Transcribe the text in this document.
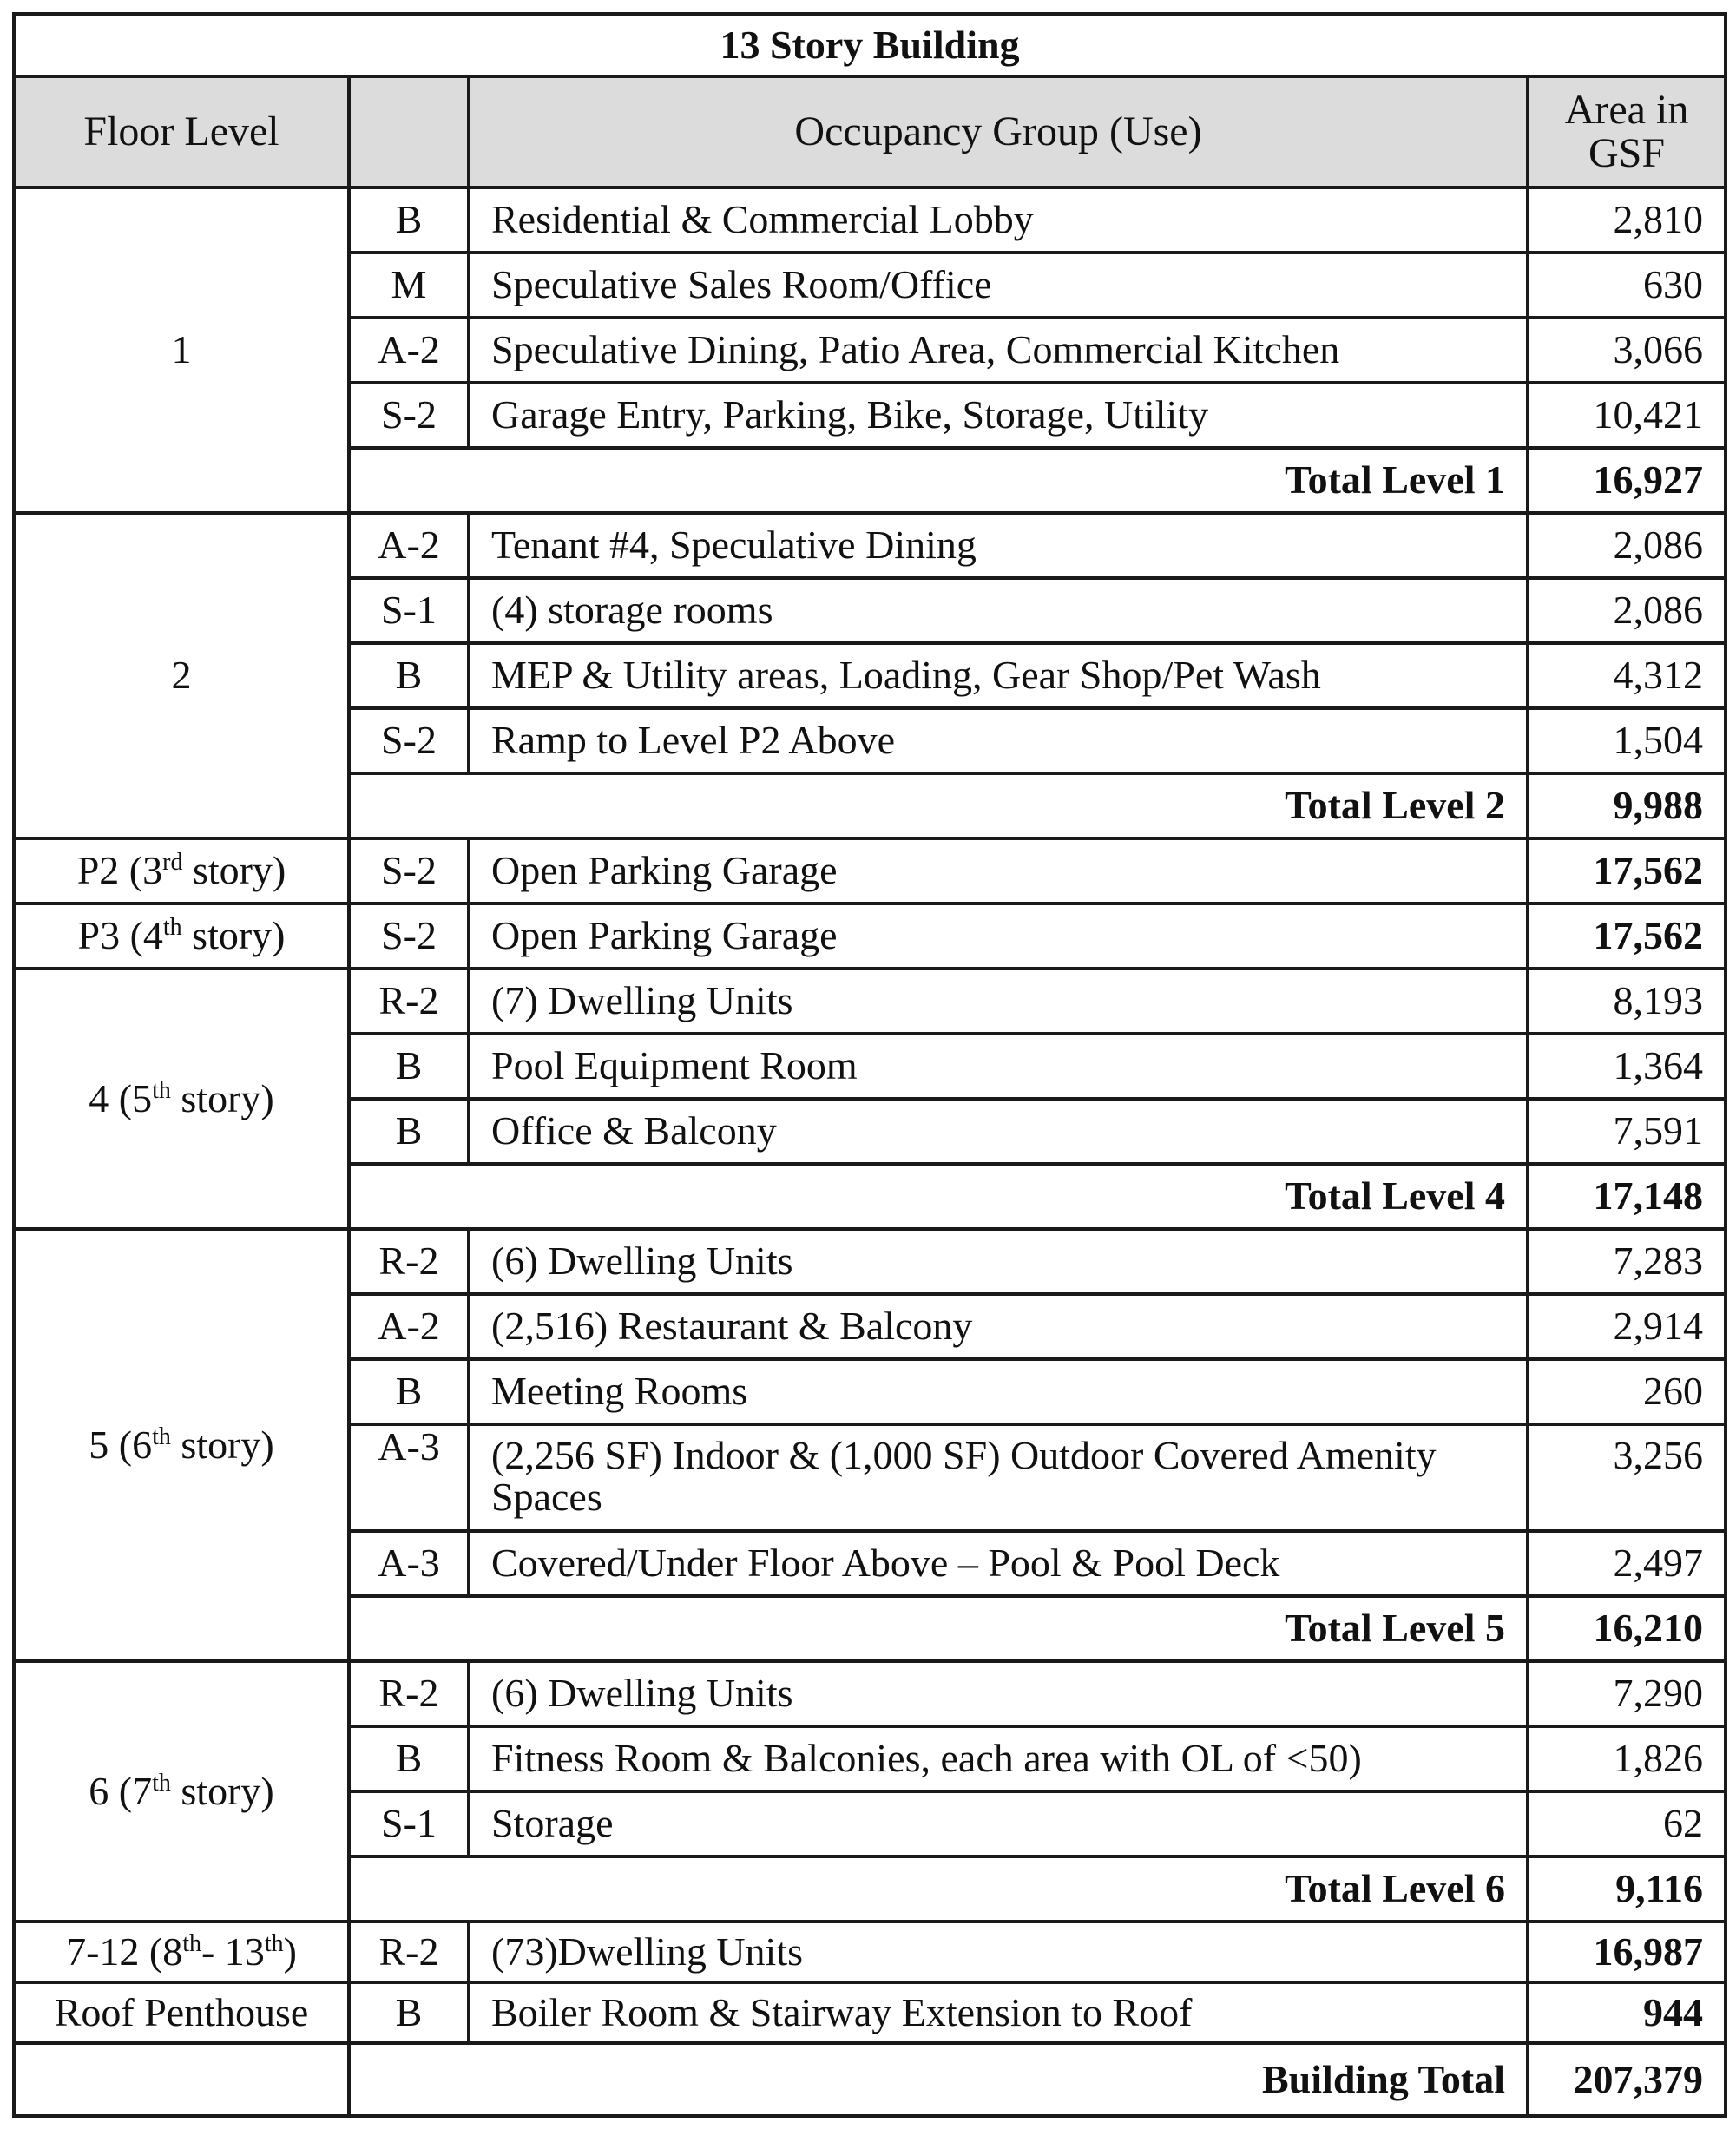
13 Story Building			
Floor Level		Occupancy Group (Use)	Area in
GSF
1	B	Residential & Commercial Lobby	2,810
	M	Speculative Sales Room/Office	630
	A-2	Speculative Dining, Patio Area, Commercial Kitchen	3,066
	S-2	Garage Entry, Parking, Bike, Storage, Utility	10,421
	Total Level 1		16,927
2	A-2	Tenant #4, Speculative Dining	2,086
	S-1	(4) storage rooms	2,086
	B	MEP & Utility areas, Loading, Gear Shop/Pet Wash	4,312
	S-2	Ramp to Level P2 Above	1,504
	Total Level 2		9,988
P2 (3rd story)	S-2	Open Parking Garage	17,562
P3 (4th story)	S-2	Open Parking Garage	17,562
4 (5th story)	R-2	(7) Dwelling Units	8,193
	B	Pool Equipment Room	1,364
	B	Office & Balcony	7,591
	Total Level 4		17,148
5 (6th story)	R-2	(6) Dwelling Units	7,283
	A-2	(2,516) Restaurant & Balcony	2,914
	B	Meeting Rooms	260
	A-3	(2,256 SF) Indoor & (1,000 SF) Outdoor Covered Amenity Spaces	3,256
	A-3	Covered/Under Floor Above – Pool & Pool Deck	2,497
	Total Level 5		16,210
6 (7th story)	R-2	(6) Dwelling Units	7,290
	B	Fitness Room & Balconies, each area with OL of <50)	1,826
	S-1	Storage	62
	Total Level 6		9,116
7-12 (8th- 13th)	R-2	(73)Dwelling Units	16,987
Roof Penthouse	B	Boiler Room & Stairway Extension to Roof	944
	Building Total		207,379
